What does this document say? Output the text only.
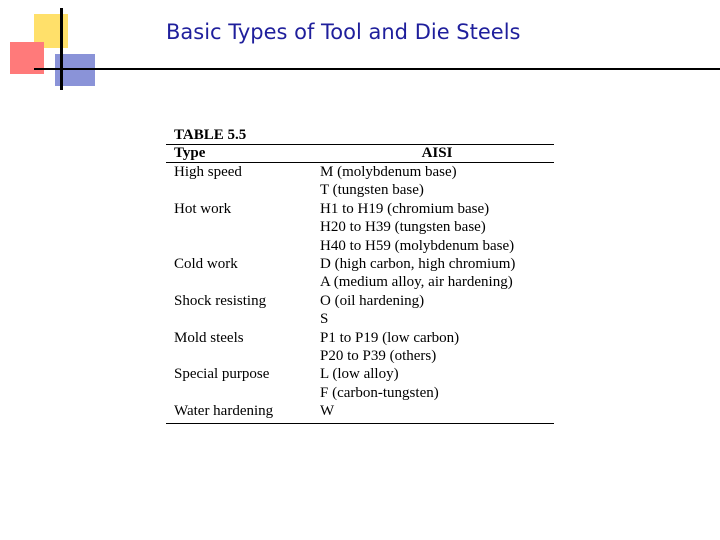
Basic Types of Tool and Die Steels
TABLE 5.5
Type	AISI
High speed	M (molybdenum base)
	T (tungsten base)
Hot work	H1 to H19 (chromium base)
	H20 to H39 (tungsten base)
	H40 to H59 (molybdenum base)
Cold work	D (high carbon, high chromium)
	A (medium alloy, air hardening)
Shock resisting	O (oil hardening)
	S
Mold steels	P1 to P19 (low carbon)
	P20 to P39 (others)
Special purpose	L (low alloy)
	F (carbon-tungsten)
Water hardening	W
